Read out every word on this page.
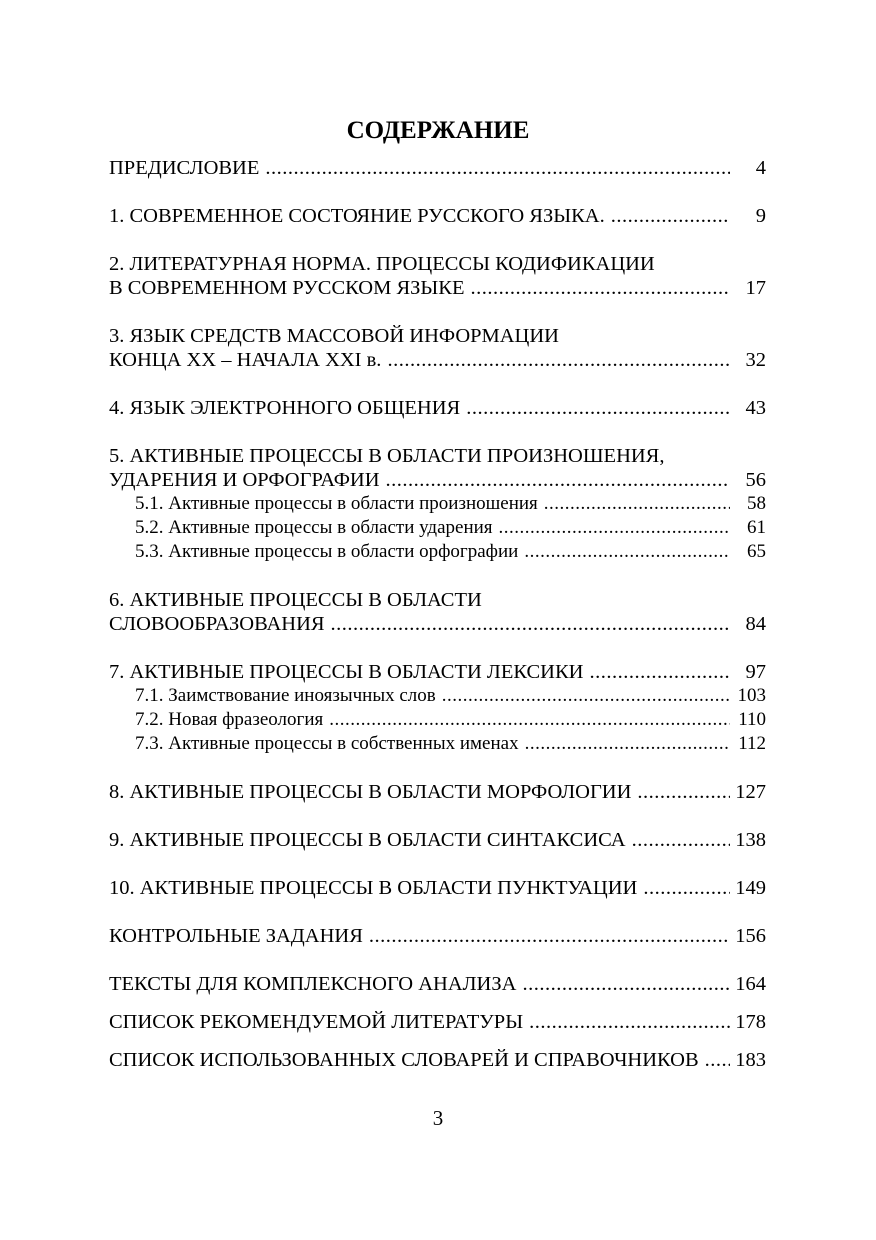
СОДЕРЖАНИЕ
ПРЕДИСЛОВИЕ .....	4
1. СОВРЕМЕННОЕ СОСТОЯНИЕ РУССКОГО ЯЗЫКА. .....	9
2. ЛИТЕРАТУРНАЯ НОРМА. ПРОЦЕССЫ КОДИФИКАЦИИ
В СОВРЕМЕННОМ РУССКОМ ЯЗЫКЕ .....	17
3. ЯЗЫК СРЕДСТВ МАССОВОЙ ИНФОРМАЦИИ
КОНЦА XX – НАЧАЛА XXI в. .....	32
4. ЯЗЫК ЭЛЕКТРОННОГО ОБЩЕНИЯ .....	43
5. АКТИВНЫЕ ПРОЦЕССЫ В ОБЛАСТИ ПРОИЗНОШЕНИЯ,
УДАРЕНИЯ И ОРФОГРАФИИ .....	56
5.1. Активные процессы в области произношения .....	58
5.2. Активные процессы в области ударения .....	61
5.3. Активные процессы в области орфографии .....	65
6. АКТИВНЫЕ ПРОЦЕССЫ В ОБЛАСТИ
СЛОВООБРАЗОВАНИЯ .....	84
7. АКТИВНЫЕ ПРОЦЕССЫ В ОБЛАСТИ ЛЕКСИКИ .....	97
7.1. Заимствование иноязычных слов .....	103
7.2. Новая фразеология .....	110
7.3. Активные процессы в собственных именах .....	112
8. АКТИВНЫЕ ПРОЦЕССЫ В ОБЛАСТИ МОРФОЛОГИИ .....	127
9. АКТИВНЫЕ ПРОЦЕССЫ В ОБЛАСТИ СИНТАКСИСА .....	138
10. АКТИВНЫЕ ПРОЦЕССЫ В ОБЛАСТИ ПУНКТУАЦИИ .....	149
КОНТРОЛЬНЫЕ ЗАДАНИЯ .....	156
ТЕКСТЫ ДЛЯ КОМПЛЕКСНОГО АНАЛИЗА .....	164
СПИСОК РЕКОМЕНДУЕМОЙ ЛИТЕРАТУРЫ .....	178
СПИСОК ИСПОЛЬЗОВАННЫХ СЛОВАРЕЙ И СПРАВОЧНИКОВ ..... 183
3
